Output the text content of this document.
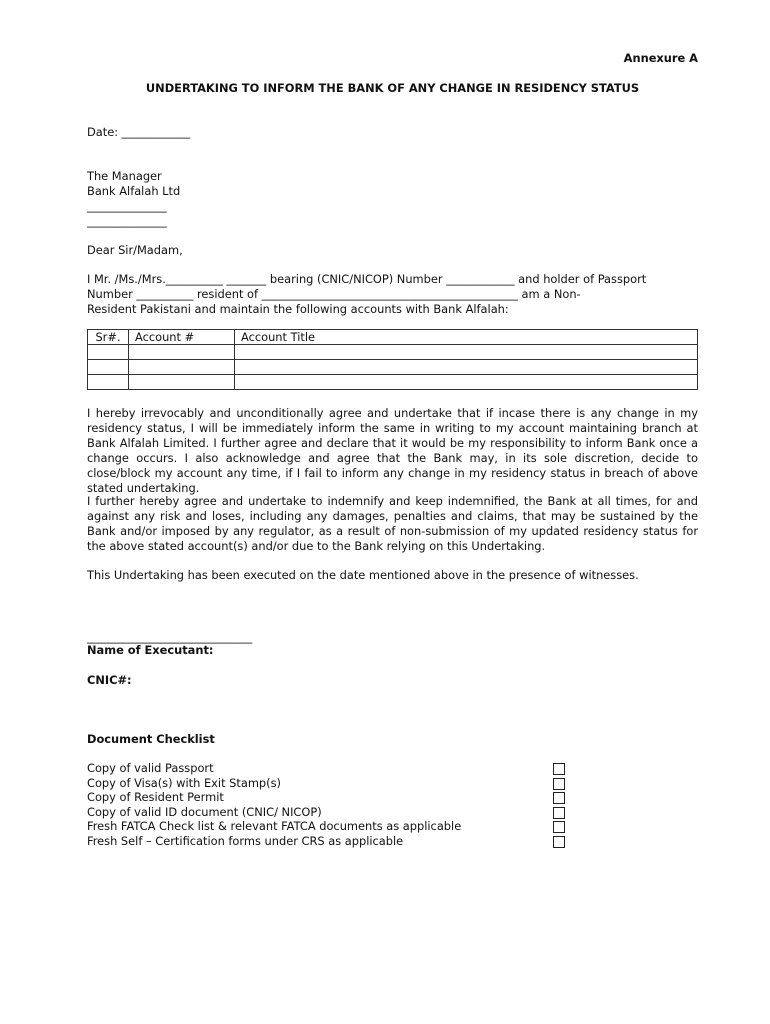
Annexure A
UNDERTAKING TO INFORM THE BANK OF ANY CHANGE IN RESIDENCY STATUS
Date: ____________
The Manager
Bank Alfalah Ltd
______________
______________
Dear Sir/Madam,

I Mr. /Ms./Mrs.__________ _______ bearing (CNIC/NICOP) Number ____________ and holder of Passport

Number __________ resident of _____________________________________________ am a Non-

Resident Pakistani and maintain the following accounts with Bank Alfalah:

Sr#.	Account #	Account Title

I hereby irrevocably and unconditionally agree and undertake that if incase there is any change in my residency status, I will be immediately inform the same in writing to my account maintaining branch at Bank Alfalah Limited. I further agree and declare that it would be my responsibility to inform Bank once a change occurs. I also acknowledge and agree that the Bank may, in its sole discretion, decide to close/block my account any time, if I fail to inform any change in my residency status in breach of above stated undertaking.

I further hereby agree and undertake to indemnify and keep indemnified, the Bank at all times, for and against any risk and loses, including any damages, penalties and claims, that may be sustained by the Bank and/or imposed by any regulator, as a result of non-submission of my updated residency status for the above stated account(s) and/or due to the Bank relying on this Undertaking.

This Undertaking has been executed on the date mentioned above in the presence of witnesses.

_____________________________
Name of Executant:
CNIC#:
Document Checklist
Copy of valid Passport
Copy of Visa(s) with Exit Stamp(s)
Copy of Resident Permit
Copy of valid ID document (CNIC/ NICOP)
Fresh FATCA Check list & relevant FATCA documents as applicable
Fresh Self – Certification forms under CRS as applicable
